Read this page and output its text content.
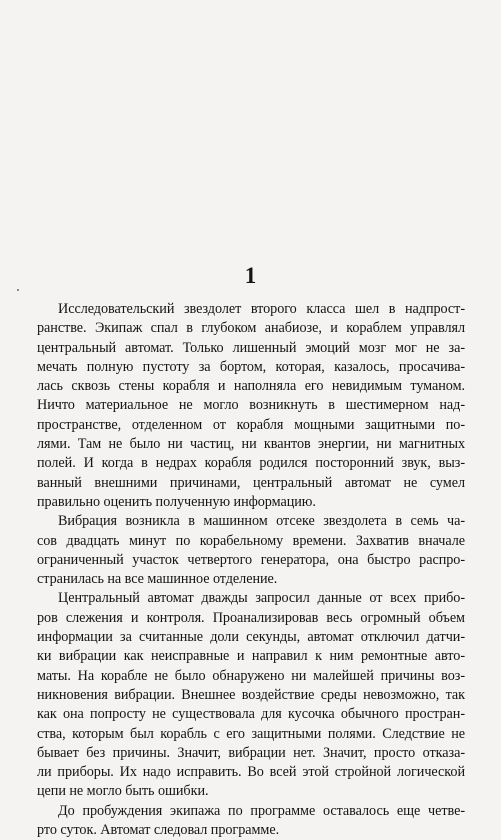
1
Исследовательский звездолет второго класса шел в надпрост-
ранстве. Экипаж спал в глубоком анабиозе, и кораблем управлял
центральный автомат. Только лишенный эмоций мозг мог не за-
мечать полную пустоту за бортом, которая, казалось, просачива-
лась сквозь стены корабля и наполняла его невидимым туманом.
Ничто материальное не могло возникнуть в шестимерном над-
пространстве, отделенном от корабля мощными защитными по-
лями. Там не было ни частиц, ни квантов энергии, ни магнитных
полей. И когда в недрах корабля родился посторонний звук, выз-
ванный внешними причинами, центральный автомат не сумел
правильно оценить полученную информацию.
Вибрация возникла в машинном отсеке звездолета в семь ча-
сов двадцать минут по корабельному времени. Захватив вначале
ограниченный участок четвертого генератора, она быстро распро-
странилась на все машинное отделение.
Центральный автомат дважды запросил данные от всех прибо-
ров слежения и контроля. Проанализировав весь огромный объем
информации за считанные доли секунды, автомат отключил датчи-
ки вибрации как неисправные и направил к ним ремонтные авто-
маты. На корабле не было обнаружено ни малейшей причины воз-
никновения вибрации. Внешнее воздействие среды невозможно, так
как она попросту не существовала для кусочка обычного простран-
ства, которым был корабль с его защитными полями. Следствие не
бывает без причины. Значит, вибрации нет. Значит, просто отказа-
ли приборы. Их надо исправить. Во всей этой стройной логической
цепи не могло быть ошибки.
До пробуждения экипажа по программе оставалось еще четве-
рто суток. Автомат следовал программе.
